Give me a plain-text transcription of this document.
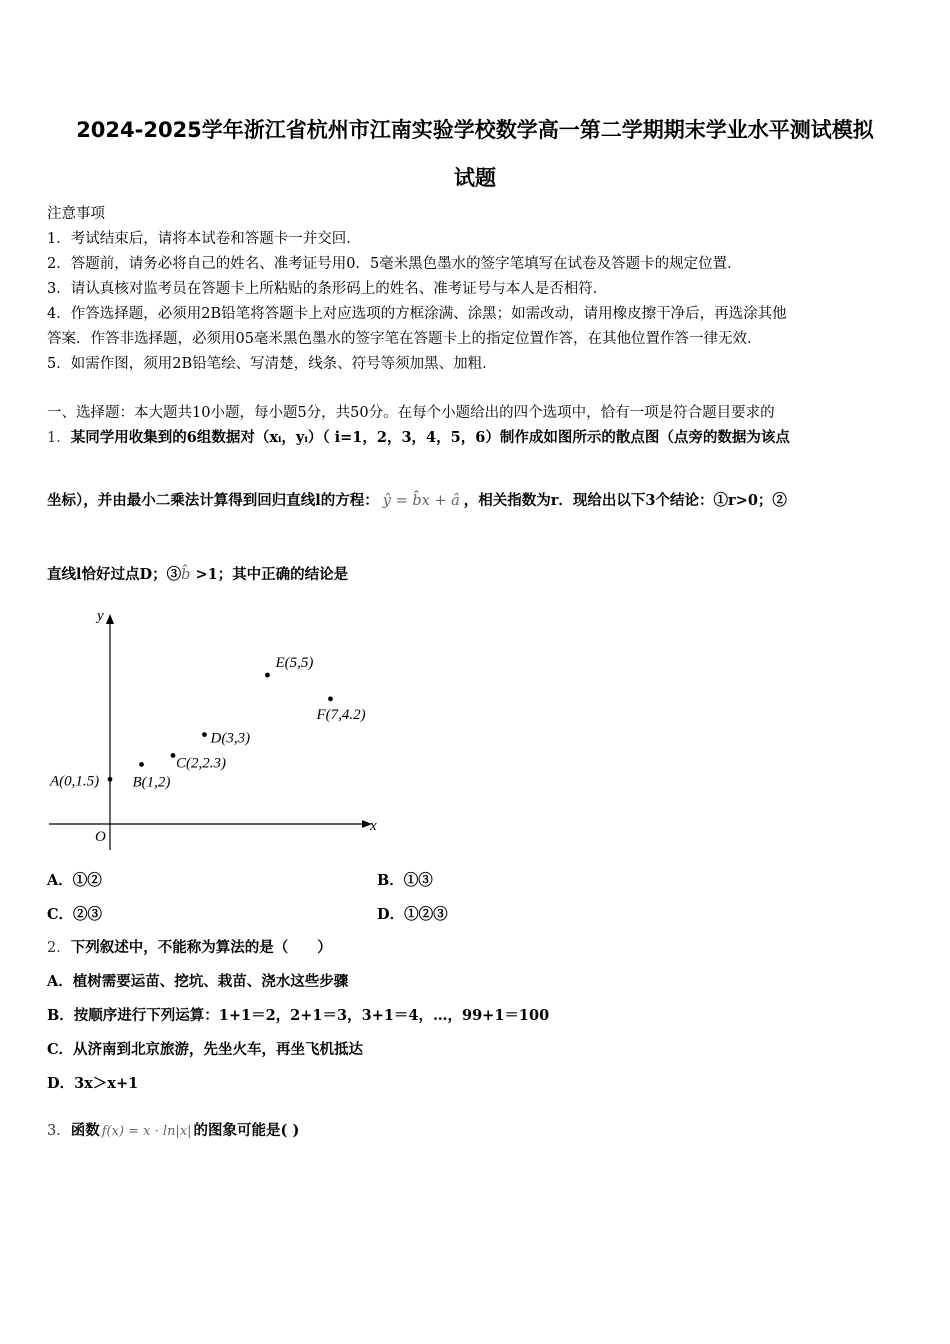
2024-2025学年浙江省杭州市江南实验学校数学高一第二学期期末学业水平测试模拟
试题
注意事项
1．考试结束后，请将本试卷和答题卡一并交回．
2．答题前，请务必将自己的姓名、准考证号用0．5毫米黑色墨水的签字笔填写在试卷及答题卡的规定位置．
3．请认真核对监考员在答题卡上所粘贴的条形码上的姓名、准考证号与本人是否相符．
4．作答选择题，必须用2B铅笔将答题卡上对应选项的方框涂满、涂黑；如需改动，请用橡皮擦干净后，再选涂其他
答案．作答非选择题，必须用05毫米黑色墨水的签字笔在答题卡上的指定位置作答，在其他位置作答一律无效．
5．如需作图，须用2B铅笔绘、写清楚，线条、符号等须加黑、加粗．
一、选择题：本大题共10小题，每小题5分，共50分。在每个小题给出的四个选项中，恰有一项是符合题目要求的
1．某同学用收集到的6组数据对（xᵢ，yᵢ）（ i=1，2，3，4，5，6）制作成如图所示的散点图（点旁的数据为该点
坐标），并由最小二乘法计算得到回归直线l的方程： ŷ = b̂x + â ，相关指数为r．现给出以下3个结论：①r>0；②
直线l恰好过点D；③b̂ >1；其中正确的结论是
x
y
O
A(0,1.5) B(1,2)
C(2,2.3)
D(3,3)
E(5,5)
F(7,4.2)
A．①②	B．①③
C．②③	D．①②③
2．下列叙述中，不能称为算法的是（　　）
A．植树需要运苗、挖坑、栽苗、浇水这些步骤
B．按顺序进行下列运算：1+1＝2，2+1＝3，3+1＝4，…，99+1＝100
C．从济南到北京旅游，先坐火车，再坐飞机抵达
D．3x＞x+1
3．函数 f(x) = x · ln|x| 的图象可能是( )
